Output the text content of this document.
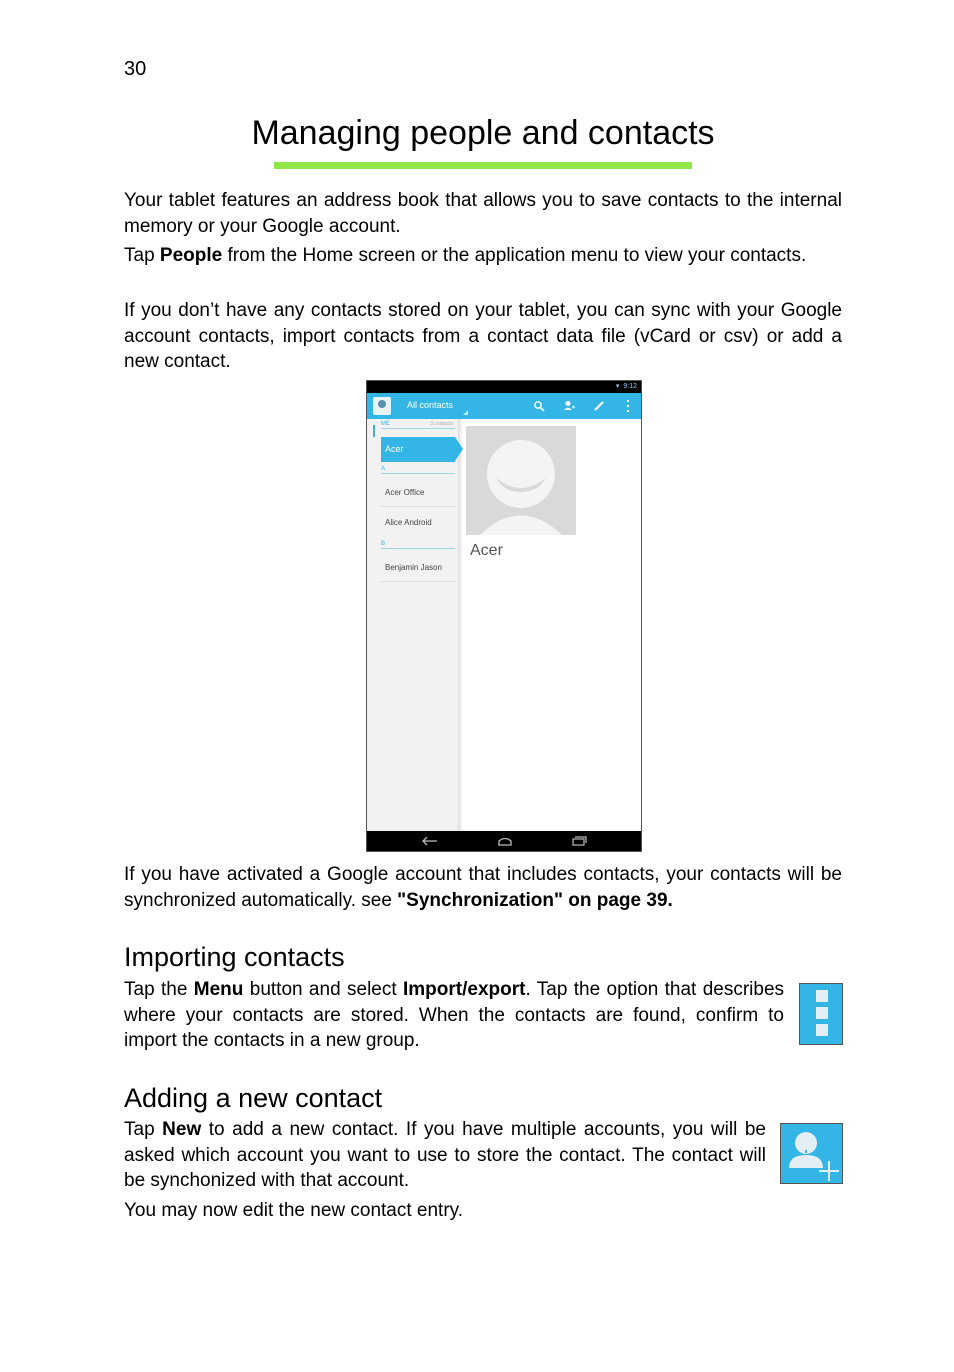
30
Managing people and contacts

Your tablet features an address book that allows you to save contacts to the internal memory or your Google account.

Tap People from the Home screen or the application menu to view your contacts.

If you don’t have any contacts stored on your tablet, you can sync with your Google account contacts, import contacts from a contact data file (vCard or csv) or add a new contact.

▾ 9:12
All contacts
ME	3 contacts
Acer
A
Acer Office
Alice Android
B
Benjamin Jason
Acer

If you have activated a Google account that includes contacts, your contacts will be synchronized automatically. see "Synchronization" on page 39.

Importing contacts

Tap the Menu button and select Import/export. Tap the option that describes where your contacts are stored. When the contacts are found, confirm to import the contacts in a new group.

Adding a new contact

Tap New to add a new contact. If you have multiple accounts, you will be asked which account you want to use to store the contact. The contact will be synchonized with that account.

You may now edit the new contact entry.
